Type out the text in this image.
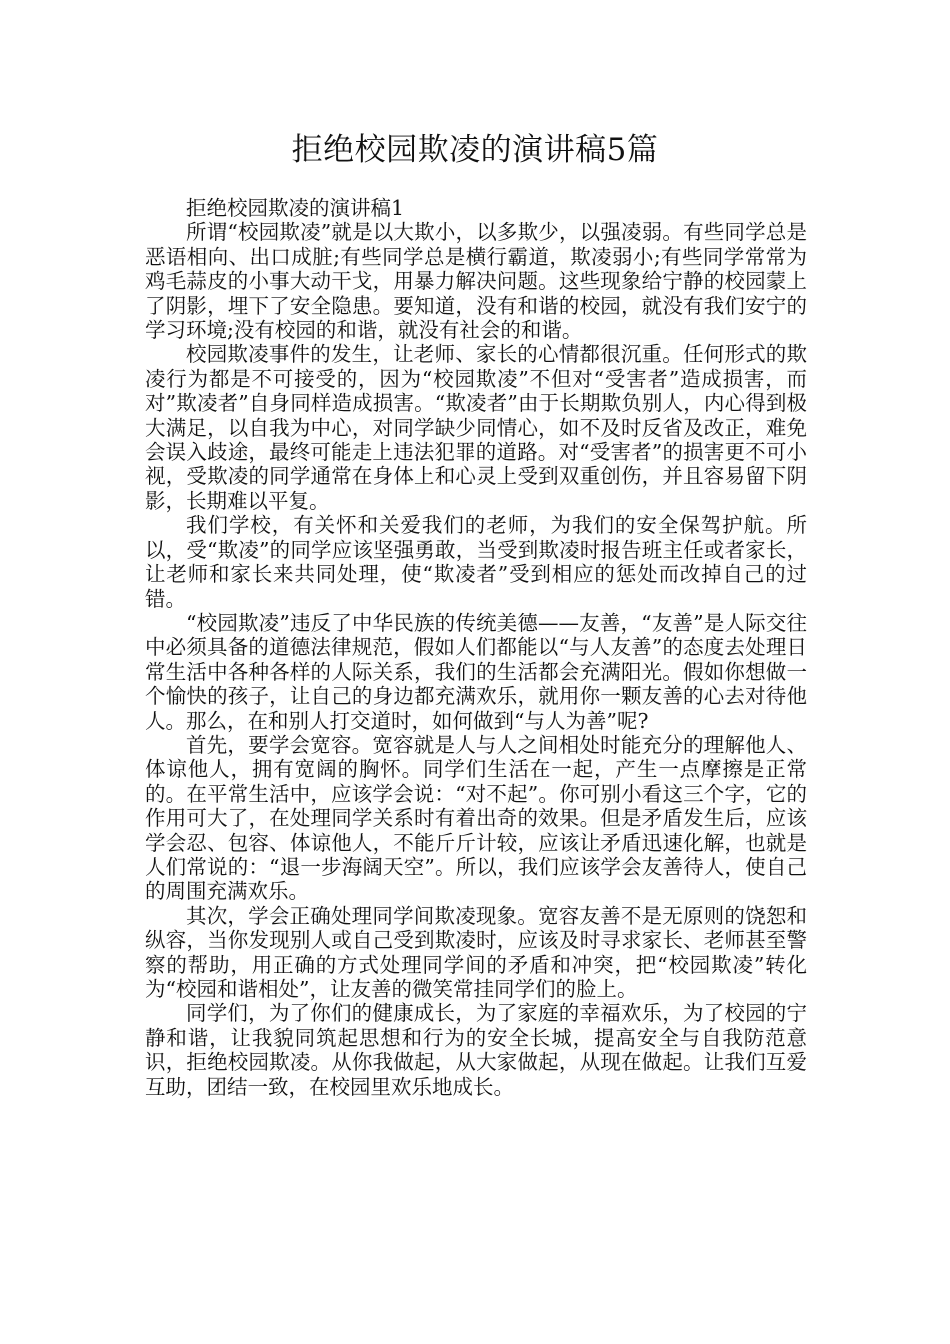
拒绝校园欺凌的演讲稿5篇

拒绝校园欺凌的演讲稿1

所谓“校园欺凌”就是以大欺小，以多欺少，以强凌弱。有些同学总是恶语相向、出口成脏;有些同学总是横行霸道，欺凌弱小;有些同学常常为鸡毛蒜皮的小事大动干戈，用暴力解决问题。这些现象给宁静的校园蒙上了阴影，埋下了安全隐患。要知道，没有和谐的校园，就没有我们安宁的学习环境;没有校园的和谐，就没有社会的和谐。

校园欺凌事件的发生，让老师、家长的心情都很沉重。任何形式的欺凌行为都是不可接受的，因为“校园欺凌”不但对“受害者”造成损害，而对”欺凌者”自身同样造成损害。“欺凌者”由于长期欺负别人，内心得到极大满足，以自我为中心，对同学缺少同情心，如不及时反省及改正，难免会误入歧途，最终可能走上违法犯罪的道路。对“受害者”的损害更不可小视，受欺凌的同学通常在身体上和心灵上受到双重创伤，并且容易留下阴影，长期难以平复。

我们学校，有关怀和关爱我们的老师，为我们的安全保驾护航。所以，受“欺凌”的同学应该坚强勇敢，当受到欺凌时报告班主任或者家长，让老师和家长来共同处理，使“欺凌者”受到相应的惩处而改掉自己的过错。

“校园欺凌”违反了中华民族的传统美德——友善，“友善”是人际交往中必须具备的道德法律规范，假如人们都能以“与人友善”的态度去处理日常生活中各种各样的人际关系，我们的生活都会充满阳光。假如你想做一个愉快的孩子，让自己的身边都充满欢乐，就用你一颗友善的心去对待他人。那么，在和别人打交道时，如何做到“与人为善”呢?

首先，要学会宽容。宽容就是人与人之间相处时能充分的理解他人、体谅他人，拥有宽阔的胸怀。同学们生活在一起，产生一点摩擦是正常的。在平常生活中，应该学会说：“对不起”。你可别小看这三个字，它的作用可大了，在处理同学关系时有着出奇的效果。但是矛盾发生后，应该学会忍、包容、体谅他人，不能斤斤计较，应该让矛盾迅速化解，也就是人们常说的：“退一步海阔天空”。所以，我们应该学会友善待人，使自己的周围充满欢乐。

其次，学会正确处理同学间欺凌现象。宽容友善不是无原则的饶恕和纵容，当你发现别人或自己受到欺凌时，应该及时寻求家长、老师甚至警察的帮助，用正确的方式处理同学间的矛盾和冲突，把“校园欺凌”转化为“校园和谐相处”，让友善的微笑常挂同学们的脸上。

同学们，为了你们的健康成长，为了家庭的幸福欢乐，为了校园的宁静和谐，让我貌同筑起思想和行为的安全长城，提高安全与自我防范意识，拒绝校园欺凌。从你我做起，从大家做起，从现在做起。让我们互爱互助，团结一致，在校园里欢乐地成长。
